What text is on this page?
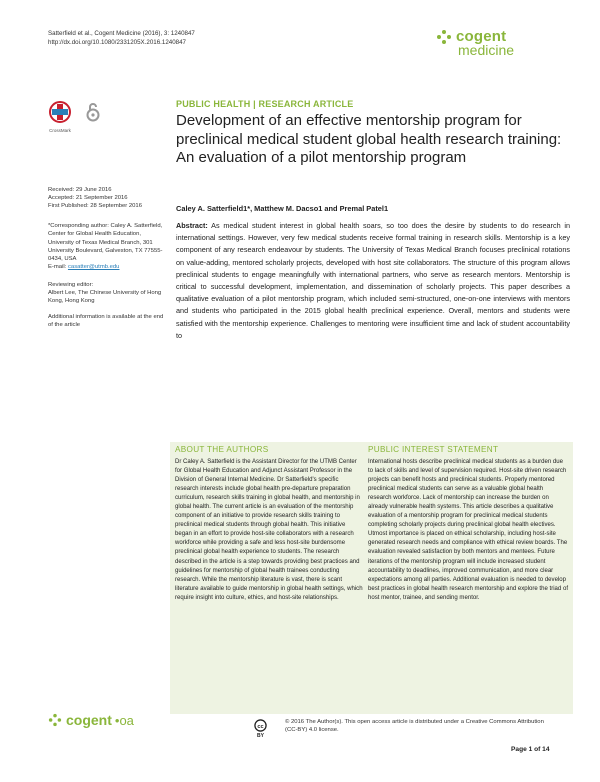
Satterfield et al., Cogent Medicine (2016), 3: 1240847
http://dx.doi.org/10.1080/2331205X.2016.1240847	cogent
medicine
CrossMark
PUBLIC HEALTH | RESEARCH ARTICLE
Development of an effective mentorship program for preclinical medical student global health research training: An evaluation of a pilot mentorship program
Caley A. Satterfield1*, Matthew M. Dacso1 and Premal Patel1
Abstract: As medical student interest in global health soars, so too does the desire by students to do research in international settings. However, very few medical students receive formal training in research skills. Mentorship is a key component of any research endeavour by students. The University of Texas Medical Branch focuses preclinical rotations on value-adding, mentored scholarly projects, developed with host site collaborators. The structure of this program allows preclinical students to engage meaningfully with international partners, who serve as research mentors. Mentorship is critical to successful development, implementation, and dissemination of scholarly projects. This paper describes a qualitative evaluation of a pilot mentorship program, which included semi-structured, one-on-one interviews with mentors and students who participated in the 2015 global health preclinical experience. Overall, mentors and students were satisfied with the mentorship experience. Challenges to mentoring were insufficient time and lack of student accountability to
Received: 29 June 2016
Accepted: 21 September 2016
First Published: 28 September 2016
*Corresponding author: Caley A. Satterfield, Center for Global Health Education, University of Texas Medical Branch, 301 University Boulevard, Galveston, TX 77555-0434, USA
E-mail: casatter@utmb.edu
Reviewing editor:
Albert Lee, The Chinese University of Hong Kong, Hong Kong
Additional information is available at the end of the article
ABOUT THE AUTHORS
Dr Caley A. Satterfield is the Assistant Director for the UTMB Center for Global Health Education and Adjunct Assistant Professor in the Division of General Internal Medicine. Dr Satterfield's specific research interests include global health pre-departure preparation curriculum, research skills training in global health, and mentorship in global health. The current article is an evaluation of the mentorship component of an initiative to provide research skills training to preclinical medical students through global health. This initiative began in an effort to provide host-site collaborators with a research workforce while providing a safe and less host-site burdensome preclinical global health experience to students. The research described in the article is a step towards providing best practices and guidelines for mentorship of global health trainees conducting research. While the mentorship literature is vast, there is scant literature available to guide mentorship in global health settings, which require insight into culture, ethics, and host-site relationships.
PUBLIC INTEREST STATEMENT
International hosts describe preclinical medical students as a burden due to lack of skills and level of supervision required. Host-site driven research projects can benefit hosts and preclinical students. Properly mentored preclinical medical students can serve as a valuable global health research workforce. Lack of mentorship can increase the burden on already vulnerable health systems. This article describes a qualitative evaluation of a mentorship program for preclinical medical students completing scholarly projects during preclinical global health electives. Utmost importance is placed on ethical scholarship, including host-site generated research needs and compliance with ethical review boards. The evaluation revealed satisfaction by both mentors and mentees. Future iterations of the mentorship program will include increased student accountability to deadlines, improved communication, and more clear expectations among all parties. Additional evaluation is needed to develop best practices in global health research mentorship and explore the triad of host mentor, trainee, and sending mentor.
cogent •oa	cc
BY
© 2016 The Author(s). This open access article is distributed under a Creative Commons Attribution (CC-BY) 4.0 license.
Page 1 of 14
